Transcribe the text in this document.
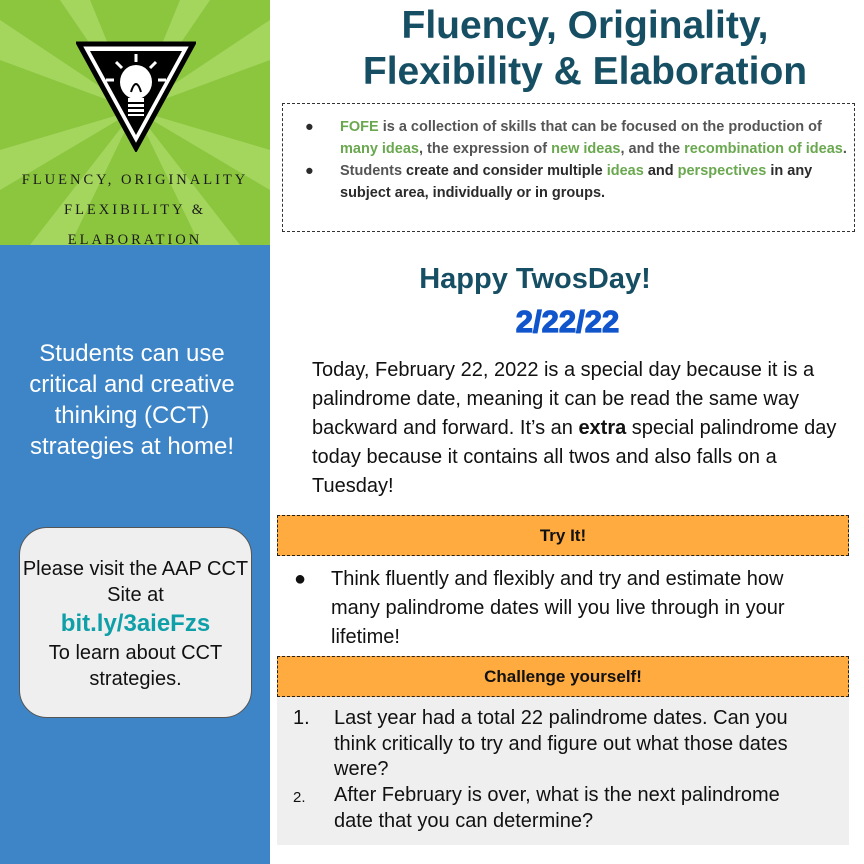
FLUENCY, ORIGINALITY
FLEXIBILITY &
ELABORATION
Students can use critical and creative thinking (CCT) strategies at home!
Please visit the AAP CCT Site at
bit.ly/3aieFzs
To learn about CCT strategies.
Fluency, Originality,
Flexibility & Elaboration
● FOFE is a collection of skills that can be focused on the production of many ideas, the expression of new ideas, and the recombination of ideas.
● Students create and consider multiple ideas and perspectives in any subject area, individually or in groups.
Happy TwosDay!
2/22/22
Today, February 22, 2022 is a special day because it is a palindrome date, meaning it can be read the same way backward and forward. It’s an extra special palindrome day today because it contains all twos and also falls on a Tuesday!
Try It!
●	Think fluently and flexibly and try and estimate how many palindrome dates will you live through in your lifetime!
Challenge yourself!
1.	Last year had a total 22 palindrome dates. Can you think critically to try and figure out what those dates were?
2.	After February is over, what is the next palindrome date that you can determine?
